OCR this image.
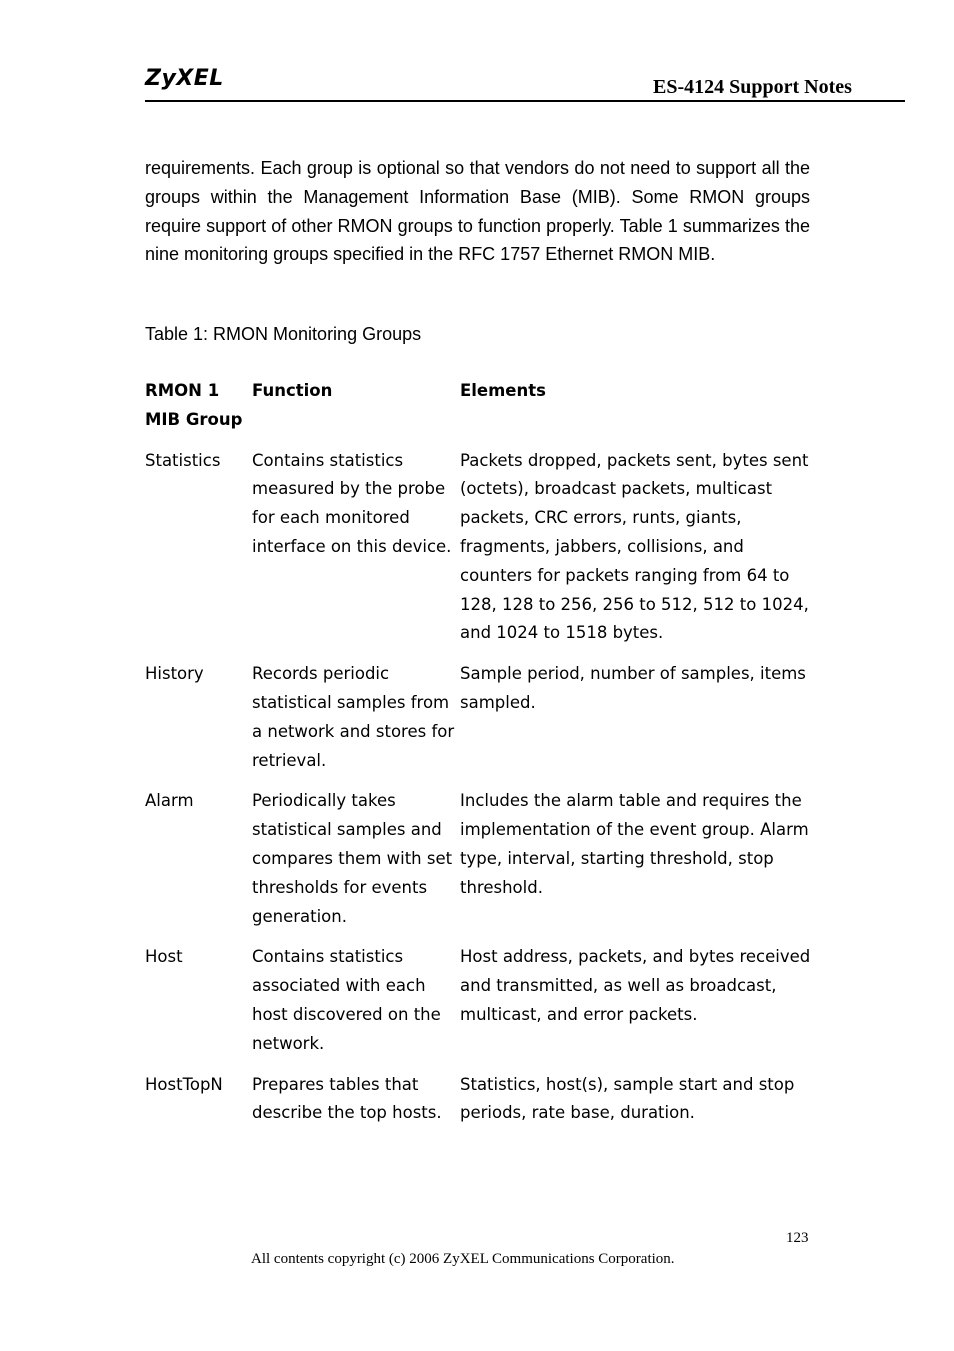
ZyXEL	ES-4124 Support Notes

requirements. Each group is optional so that vendors do not need to support all the groups within the Management Information Base (MIB). Some RMON groups require support of other RMON groups to function properly. Table 1 summarizes the nine monitoring groups specified in the RFC 1757 Ethernet RMON MIB.

Table 1: RMON Monitoring Groups

RMON 1 MIB Group	Function	Elements
Statistics	Contains statistics measured by the probe for each monitored interface on this device.	Packets dropped, packets sent, bytes sent (octets), broadcast packets, multicast packets, CRC errors, runts, giants, fragments, jabbers, collisions, and counters for packets ranging from 64 to 128, 128 to 256, 256 to 512, 512 to 1024, and 1024 to 1518 bytes.
History	Records periodic statistical samples from a network and stores for retrieval.	Sample period, number of samples, items sampled.
Alarm	Periodically takes statistical samples and compares them with set thresholds for events generation.	Includes the alarm table and requires the implementation of the event group. Alarm type, interval, starting threshold, stop threshold.
Host	Contains statistics associated with each host discovered on the network.	Host address, packets, and bytes received and transmitted, as well as broadcast, multicast, and error packets.
HostTopN	Prepares tables that describe the top hosts.	Statistics, host(s), sample start and stop periods, rate base, duration.
123
All contents copyright (c) 2006 ZyXEL Communications Corporation.
